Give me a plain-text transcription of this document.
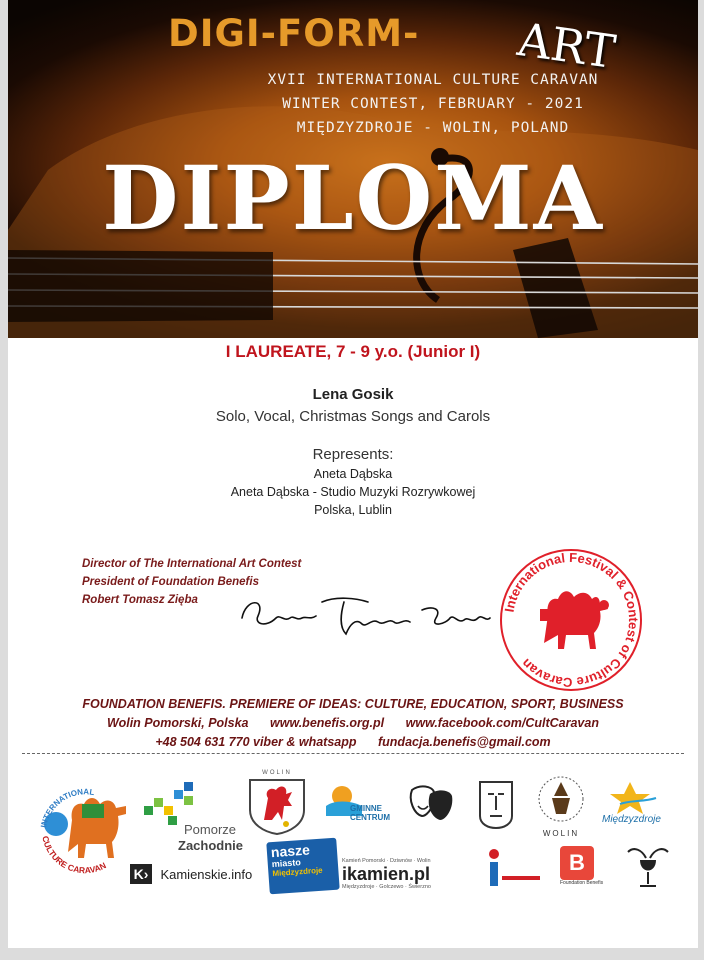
DIGI-FORM- ART
XVII INTERNATIONAL CULTURE CARAVAN
WINTER CONTEST, FEBRUARY - 2021
MIĘDZYZDROJE - WOLIN, POLAND
DIPLOMA
I LAUREATE, 7 - 9 y.o. (Junior I)
Lena Gosik
Solo, Vocal, Christmas Songs and Carols
Represents:
Aneta Dąbska
Aneta Dąbska - Studio Muzyki Rozrywkowej
Polska, Lublin
Director of The International Art Contest
President of Foundation Benefis
Robert Tomasz Zięba
International Festival & Contest of Culture Caravan
FOUNDATION BENEFIS. PREMIERE OF IDEAS: CULTURE, EDUCATION, SPORT, BUSINESS
Wolin Pomorski, Polska www.benefis.org.pl www.facebook.com/CultCaravan
+48 504 631 770 viber & whatsapp fundacja.benefis@gmail.com
INTERNATIONAL
CULTURE CARAVAN
Pomorze
Zachodnie
WOLIN
GMINNE
CENTRUM
WOLIN
Międzyzdroje
K› Kamienskie.info
nasze
miasto
Międzyzdroje
Kamień Pomorski · Dziwnów · Wolin
ikamien.pl
Międzyzdroje · Golczewo · Świerzno
B
Foundation Benefis
